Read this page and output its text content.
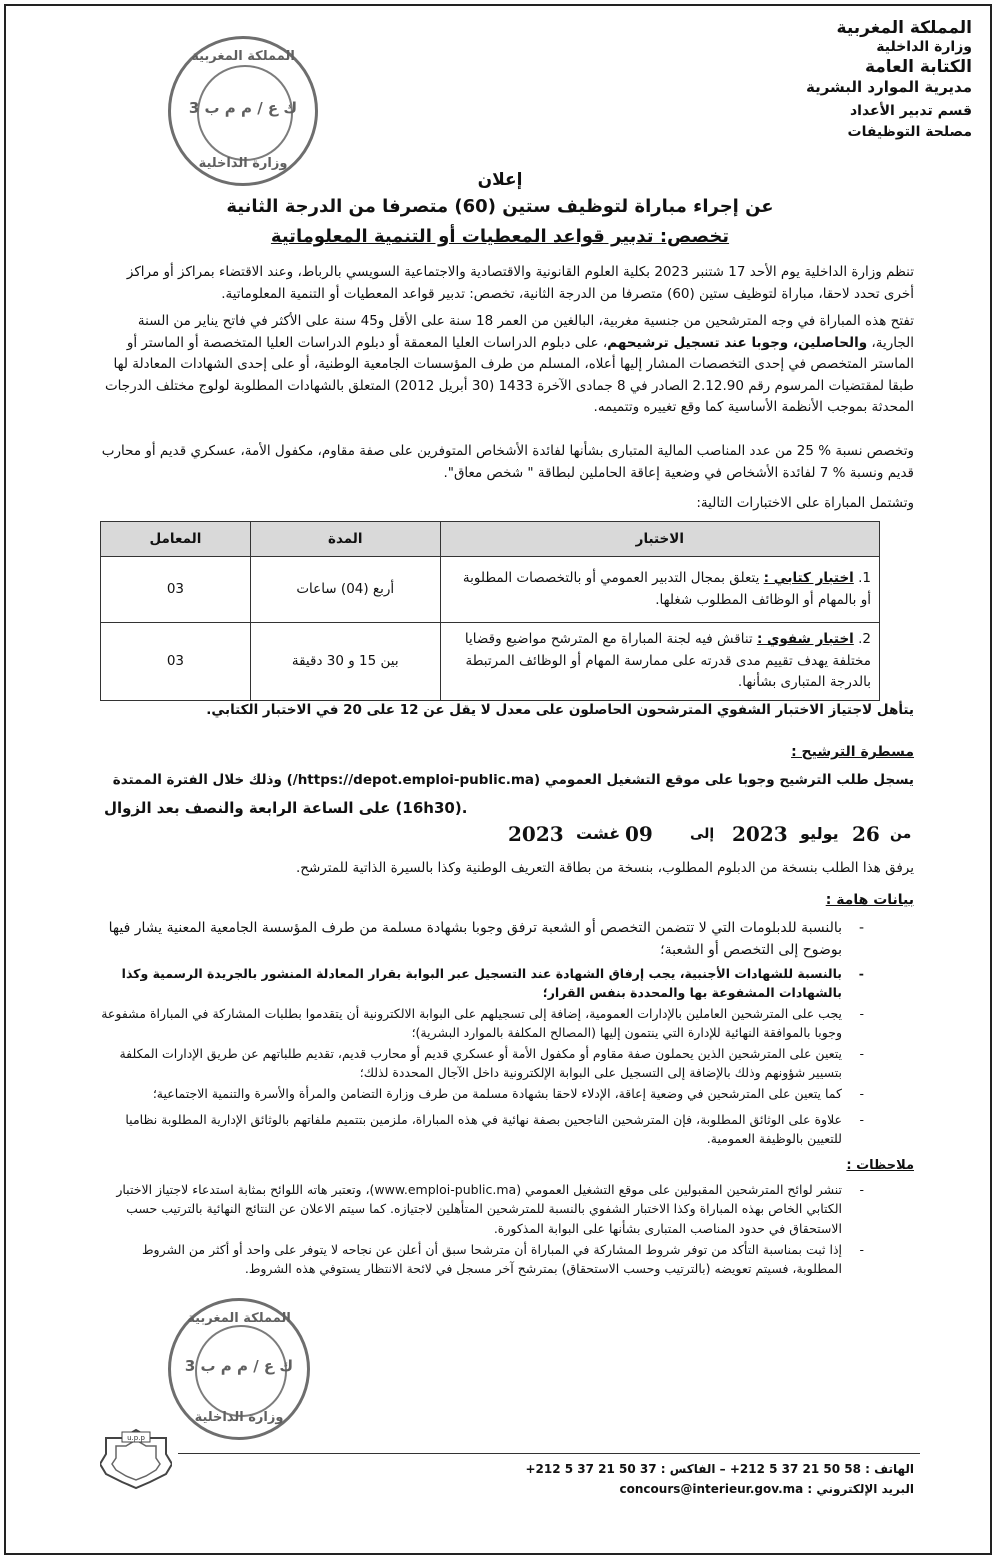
المملكة المغربية
وزارة الداخلية
الكتابة العامة
مديرية الموارد البشرية
قسم تدبير الأعداد
مصلحة التوظيفات
المملكة المغربية
ك ع / م م ب 3
وزارة الداخلية
إعلان
عن إجراء مباراة لتوظيف ستين (60) متصرفا من الدرجة الثانية
تخصص: تدبير قواعد المعطيات أو التنمية المعلوماتية
تنظم وزارة الداخلية يوم الأحد 17 شتنبر 2023 بكلية العلوم القانونية والاقتصادية والاجتماعية السويسي بالرباط، وعند الاقتضاء بمراكز أو مراكز أخرى تحدد لاحقا، مباراة لتوظيف ستين (60) متصرفا من الدرجة الثانية، تخصص: تدبير قواعد المعطيات أو التنمية المعلوماتية.
تفتح هذه المباراة في وجه المترشحين من جنسية مغربية، البالغين من العمر 18 سنة على الأقل و45 سنة على الأكثر في فاتح يناير من السنة الجارية، والحاصلين، وجوبا عند تسجيل ترشيحهم، على دبلوم الدراسات العليا المعمقة أو دبلوم الدراسات العليا المتخصصة أو الماستر أو الماستر المتخصص في إحدى التخصصات المشار إليها أعلاه، المسلم من طرف المؤسسات الجامعية الوطنية، أو على إحدى الشهادات المعادلة لها طبقا لمقتضيات المرسوم رقم 2.12.90 الصادر في 8 جمادى الآخرة 1433 (30 أبريل 2012) المتعلق بالشهادات المطلوبة لولوج مختلف الدرجات المحدثة بموجب الأنظمة الأساسية كما وقع تغييره وتتميمه.
وتخصص نسبة % 25 من عدد المناصب المالية المتبارى بشأنها لفائدة الأشخاص المتوفرين على صفة مقاوم، مكفول الأمة، عسكري قديم أو محارب قديم ونسبة % 7 لفائدة الأشخاص في وضعية إعاقة الحاملين لبطاقة " شخص معاق".
وتشتمل المباراة على الاختبارات التالية:
الاختبار	المدة	المعامل
1. اختبار كتابي : يتعلق بمجال التدبير العمومي أو بالتخصصات المطلوبة أو بالمهام أو الوظائف المطلوب شغلها.	أربع (04) ساعات	03
2. اختبار شفوي : تناقش فيه لجنة المباراة مع المترشح مواضيع وقضايا مختلفة يهدف تقييم مدى قدرته على ممارسة المهام أو الوظائف المرتبطة بالدرجة المتبارى بشأنها.	بين 15 و 30 دقيقة	03
يتأهل لاجتياز الاختبار الشفوي المترشحون الحاصلون على معدل لا يقل عن 12 على 20 في الاختبار الكتابي.
مسطرة الترشيح :
يسجل طلب الترشيح وجوبا على موقع التشغيل العمومي (https://depot.emploi-public.ma/) وذلك خلال الفترة الممتدة
على الساعة الرابعة والنصف بعد الزوال (16h30).
2023 غشت 09	إلى 2023 يوليو 26 من
يرفق هذا الطلب بنسخة من الدبلوم المطلوب، بنسخة من بطاقة التعريف الوطنية وكذا بالسيرة الذاتية للمترشح.
بيانات هامة :
-
بالنسبة للدبلومات التي لا تتضمن التخصص أو الشعبة ترفق وجوبا بشهادة مسلمة من طرف المؤسسة الجامعية المعنية يشار فيها بوضوح إلى التخصص أو الشعبة؛
-
بالنسبة للشهادات الأجنبية، يجب إرفاق الشهادة عند التسجيل عبر البوابة بقرار المعادلة المنشور بالجريدة الرسمية وكذا بالشهادات المشفوعة بها والمحددة بنفس القرار؛
-
يجب على المترشحين العاملين بالإدارات العمومية، إضافة إلى تسجيلهم على البوابة الالكترونية أن يتقدموا بطلبات المشاركة في المباراة مشفوعة وجوبا بالموافقة النهائية للإدارة التي ينتمون إليها (المصالح المكلفة بالموارد البشرية)؛
-
يتعين على المترشحين الذين يحملون صفة مقاوم أو مكفول الأمة أو عسكري قديم أو محارب قديم، تقديم طلباتهم عن طريق الإدارات المكلفة بتسيير شؤونهم وذلك بالإضافة إلى التسجيل على البوابة الإلكترونية داخل الآجال المحددة لذلك؛
-
كما يتعين على المترشحين في وضعية إعاقة، الإدلاء لاحقا بشهادة مسلمة من طرف وزارة التضامن والمرأة والأسرة والتنمية الاجتماعية؛
-
علاوة على الوثائق المطلوبة، فإن المترشحين الناجحين بصفة نهائية في هذه المباراة، ملزمين بتتميم ملفاتهم بالوثائق الإدارية المطلوبة نظاميا للتعيين بالوظيفة العمومية.
ملاحظات :
-
تنشر لوائح المترشحين المقبولين على موقع التشغيل العمومي (www.emploi-public.ma)، وتعتبر هاته اللوائح بمثابة استدعاء لاجتياز الاختبار الكتابي الخاص بهذه المباراة وكذا الاختبار الشفوي بالنسبة للمترشحين المتأهلين لاجتيازه. كما سيتم الاعلان عن النتائج النهائية بالترتيب حسب الاستحقاق في حدود المناصب المتبارى بشأنها على البوابة المذكورة.
-
إذا ثبت بمناسبة التأكد من توفر شروط المشاركة في المباراة أن مترشحا سبق أن أعلن عن نجاحه لا يتوفر على واحد أو أكثر من الشروط المطلوبة، فسيتم تعويضه (بالترتيب وحسب الاستحقاق) بمترشح آخر مسجل في لائحة الانتظار يستوفي هذه الشروط.
المملكة المغربية
ك ع / م م ب 3
وزارة الداخلية
u.p.p
الهاتف : +212 5 37 21 50 58 – الفاكس : +212 5 37 21 50 37
البريد الإلكتروني : concours@interieur.gov.ma
